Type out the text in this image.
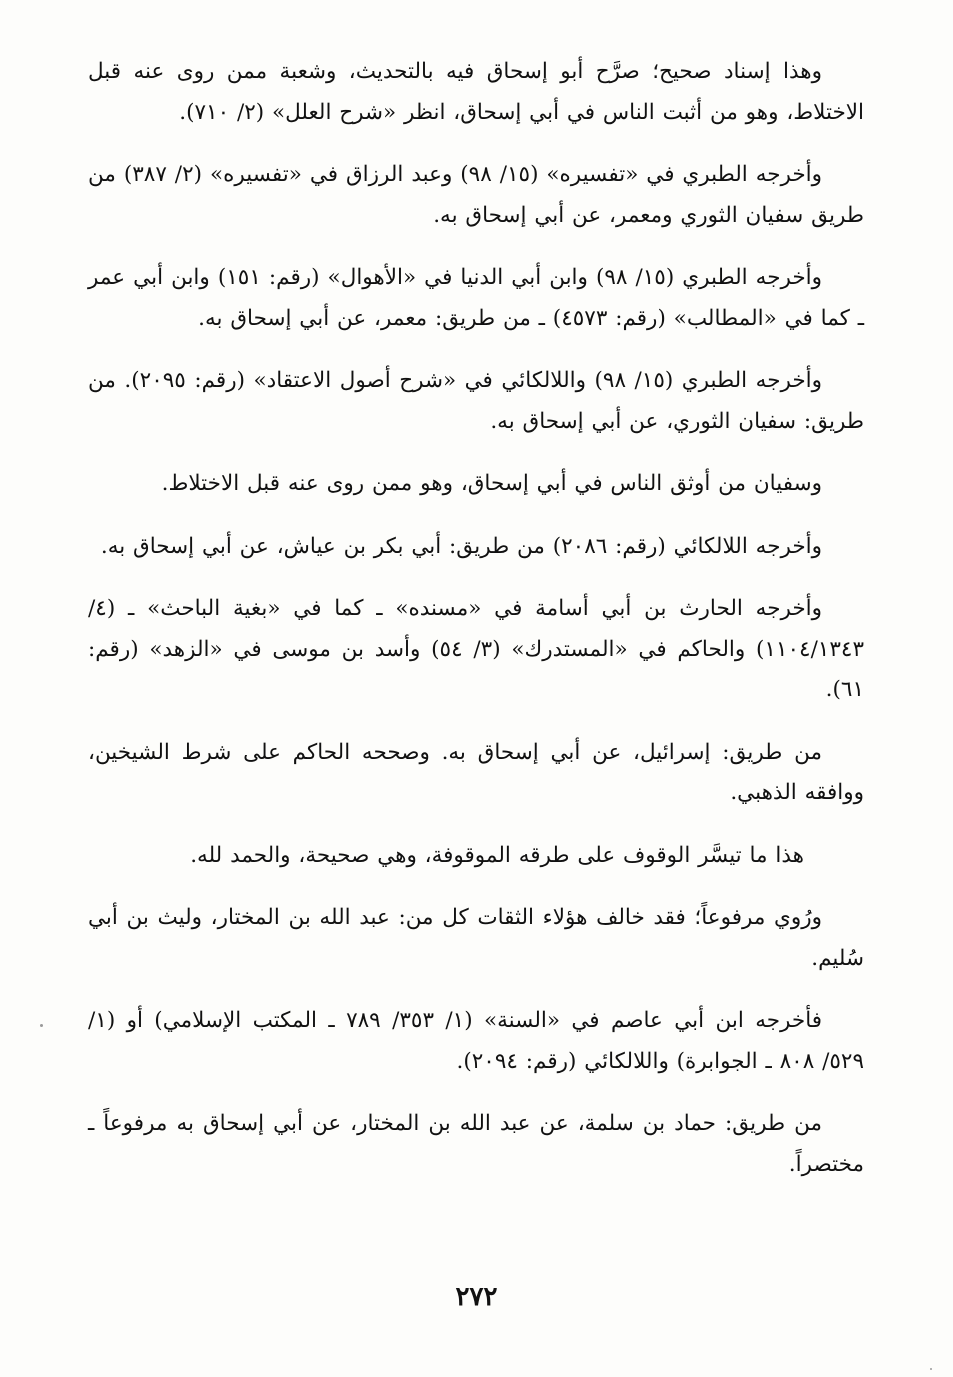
وهذا إسناد صحيح؛ صرَّح أبو إسحاق فيه بالتحديث، وشعبة ممن روى عنه قبل الاختلاط، وهو من أثبت الناس في أبي إسحاق، انظر «شرح العلل» (٢/ ٧١٠).

وأخرجه الطبري في «تفسيره» (١٥/ ٩٨) وعبد الرزاق في «تفسيره» (٢/ ٣٨٧) من طريق سفيان الثوري ومعمر، عن أبي إسحاق به.

وأخرجه الطبري (١٥/ ٩٨) وابن أبي الدنيا في «الأهوال» (رقم: ١٥١) وابن أبي عمر ـ كما في «المطالب» (رقم: ٤٥٧٣) ـ من طريق: معمر، عن أبي إسحاق به.

وأخرجه الطبري (١٥/ ٩٨) واللالكائي في «شرح أصول الاعتقاد» (رقم: ٢٠٩٥). من طريق: سفيان الثوري، عن أبي إسحاق به.

وسفيان من أوثق الناس في أبي إسحاق، وهو ممن روى عنه قبل الاختلاط.

وأخرجه اللالكائي (رقم: ٢٠٨٦) من طريق: أبي بكر بن عياش، عن أبي إسحاق به.

وأخرجه الحارث بن أبي أسامة في «مسنده» ـ كما في «بغية الباحث» ـ (٤/ ١١٠٤/١٣٤٣) والحاكم في «المستدرك» (٣/ ٥٤) وأسد بن موسى في «الزهد» (رقم: ٦١).

من طريق: إسرائيل، عن أبي إسحاق به. وصححه الحاكم على شرط الشيخين، ووافقه الذهبي.

هذا ما تيسَّر الوقوف على طرقه الموقوفة، وهي صحيحة، والحمد لله.

ورُوي مرفوعاً؛ فقد خالف هؤلاء الثقات كل من: عبد الله بن المختار، وليث بن أبي سُليم.

فأخرجه ابن أبي عاصم في «السنة» (١/ ٣٥٣/ ٧٨٩ ـ المكتب الإسلامي) أو (١/ ٥٢٩/ ٨٠٨ ـ الجوابرة) واللالكائي (رقم: ٢٠٩٤).

من طريق: حماد بن سلمة، عن عبد الله بن المختار، عن أبي إسحاق به مرفوعاً ـ مختصراً.

٢٧٢
